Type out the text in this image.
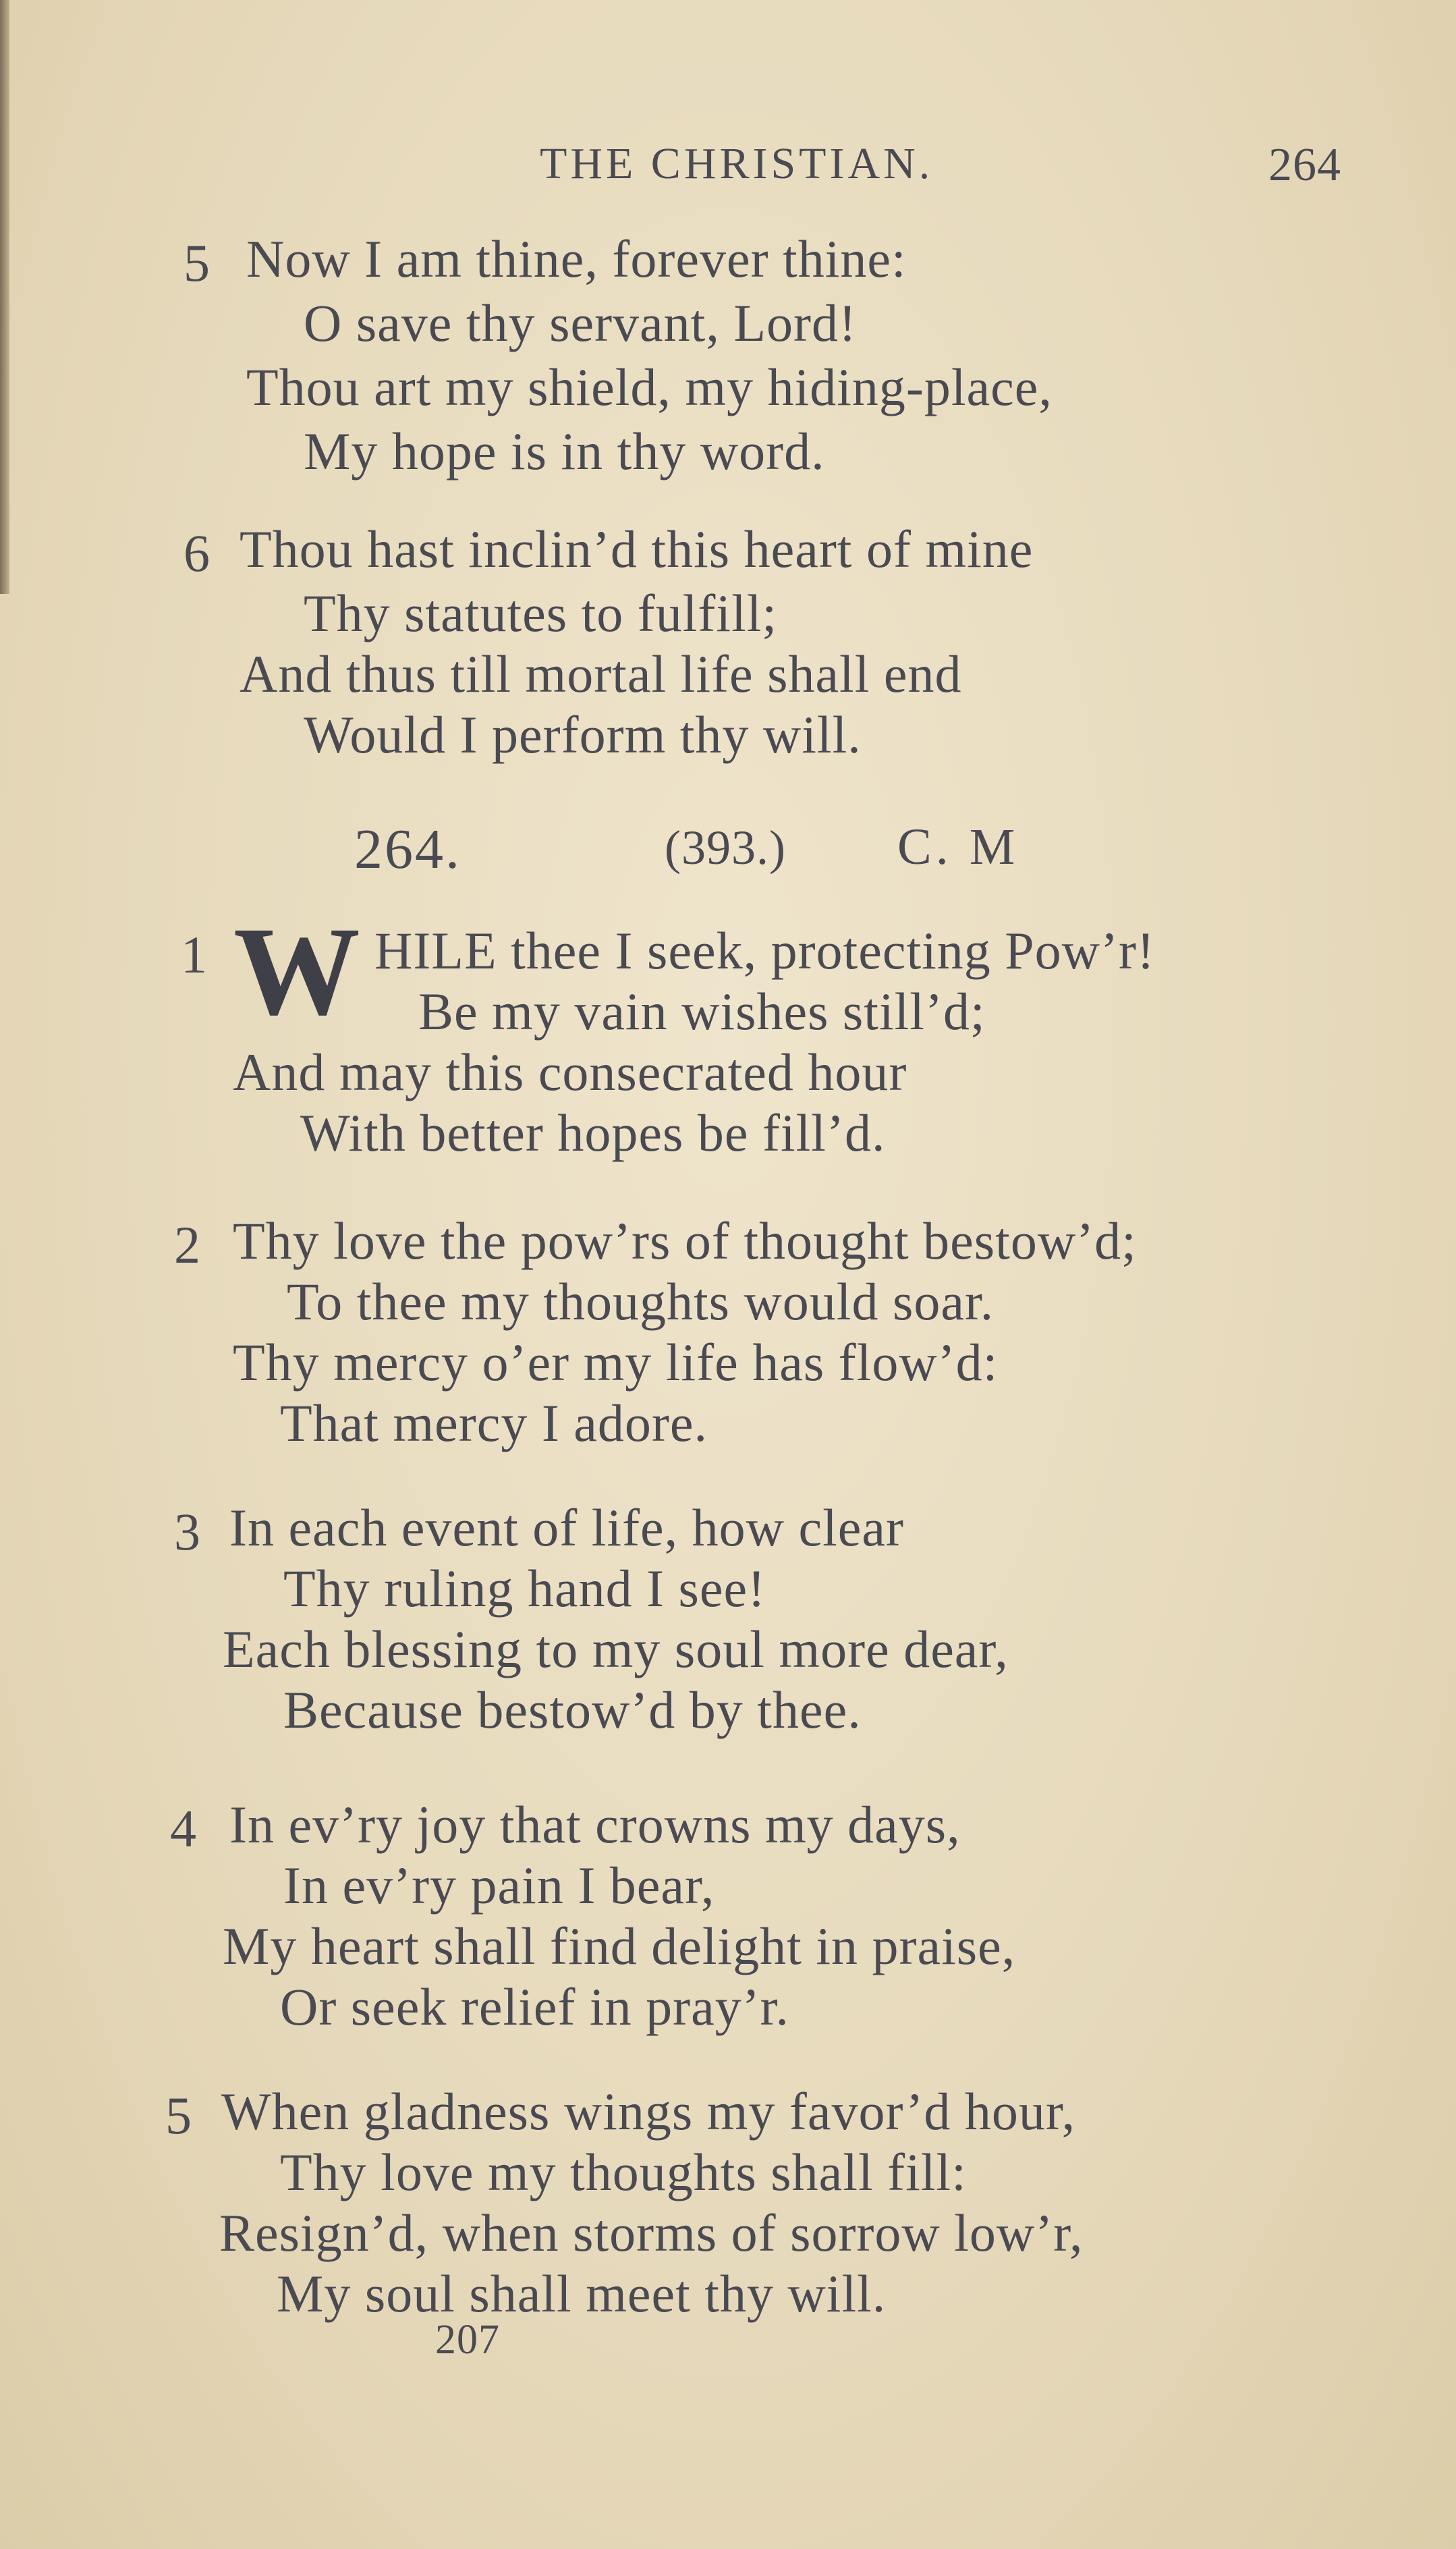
THE CHRISTIAN.	264
5 Now I am thine, forever thine:
O save thy servant, Lord!
Thou art my shield, my hiding-place,
My hope is in thy word.
6 Thou hast inclin’d this heart of mine
Thy statutes to fulfill;
And thus till mortal life shall end
Would I perform thy will.
264.	(393.) C. M
1 W HILE thee I seek, protecting Pow’r!
Be my vain wishes still’d;
And may this consecrated hour
With better hopes be fill’d.
2 Thy love the pow’rs of thought bestow’d;
To thee my thoughts would soar.
Thy mercy o’er my life has flow’d:
That mercy I adore.
3 In each event of life, how clear
Thy ruling hand I see!
Each blessing to my soul more dear,
Because bestow’d by thee.
4 In ev’ry joy that crowns my days,
In ev’ry pain I bear,
My heart shall find delight in praise,
Or seek relief in pray’r.
5 When gladness wings my favor’d hour,
Thy love my thoughts shall fill:
Resign’d, when storms of sorrow low’r,
My soul shall meet thy will.
207
